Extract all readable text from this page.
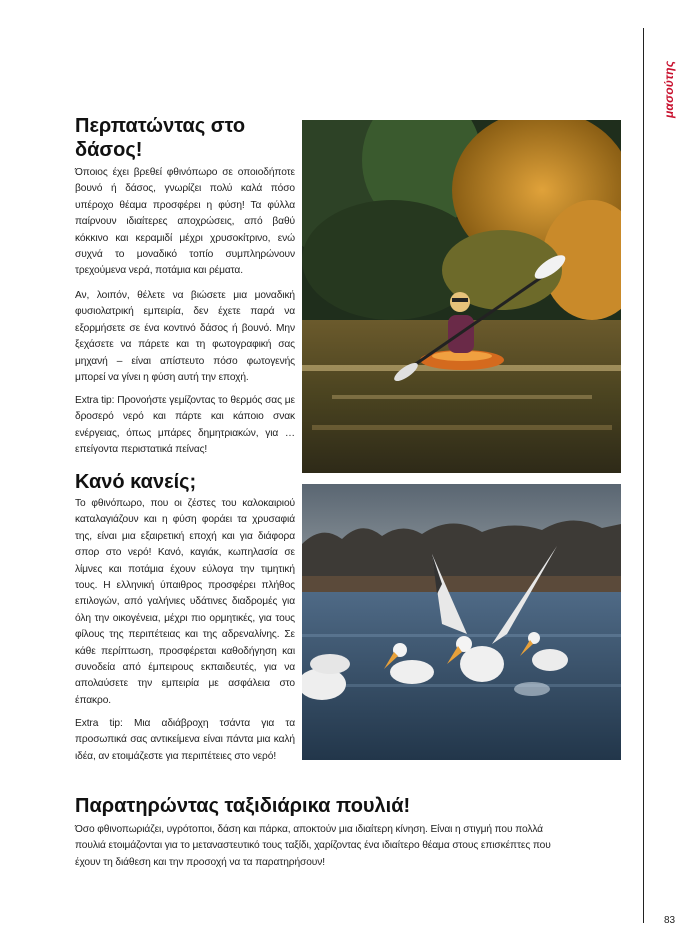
μασούτης
Περπατώντας στο δάσος!

Όποιος έχει βρεθεί φθινόπωρο σε οποιοδήποτε βουνό ή δάσος, γνωρίζει πολύ καλά πόσο υπέροχο θέαμα προσφέρει η φύση! Τα φύλλα παίρνουν ιδιαίτερες αποχρώσεις, από βαθύ κόκκινο και κεραμιδί μέχρι χρυσοκίτρινο, ενώ συχνά το μοναδικό τοπίο συμπληρώνουν τρεχούμενα νερά, ποτάμια και ρέματα.

Αν, λοιπόν, θέλετε να βιώσετε μια μοναδική φυσιολατρική εμπειρία, δεν έχετε παρά να εξορμήσετε σε ένα κοντινό δάσος ή βουνό. Μην ξεχάσετε να πάρετε και τη φωτογραφική σας μηχανή – είναι απίστευτο πόσο φωτογενής μπορεί να γίνει η φύση αυτή την εποχή.

Extra tip: Προνοήστε γεμίζοντας το θερμός σας με δροσερό νερό και πάρτε και κάποιο σνακ ενέργειας, όπως μπάρες δημητριακών, για …επείγοντα περιστατικά πείνας!

Κανό κανείς;

Το φθινόπωρο, που οι ζέστες του καλοκαιριού καταλαγιάζουν και η φύση φοράει τα χρυσαφιά της, είναι μια εξαιρετική εποχή και για διάφορα σπορ στο νερό! Κανό, καγιάκ, κωπηλασία σε λίμνες και ποτάμια έχουν εύλογα την τιμητική τους. Η ελληνική ύπαιθρος προσφέρει πλήθος επιλογών, από γαλήνιες υδάτινες διαδρομές για όλη την οικογένεια, μέχρι πιο ορμητικές, για τους φίλους της περιπέτειας και της αδρεναλίνης. Σε κάθε περίπτωση, προσφέρεται καθοδήγηση και συνοδεία από έμπειρους εκπαιδευτές, για να απολαύσετε την εμπειρία με ασφάλεια στο έπακρο.

Extra tip: Μια αδιάβροχη τσάντα για τα προσωπικά σας αντικείμενα είναι πάντα μια καλή ιδέα, αν ετοιμάζεστε για περιπέτειες στο νερό!

Παρατηρώντας ταξιδιάρικα πουλιά!

Όσο φθινοπωριάζει, υγρότοποι, δάση και πάρκα, αποκτούν μια ιδιαίτερη κίνηση. Είναι η στιγμή που πολλά πουλιά ετοιμάζονται για το μεταναστευτικό τους ταξίδι, χαρίζοντας ένα ιδιαίτερο θέαμα στους επισκέπτες που έχουν τη διάθεση και την προσοχή να τα παρατηρήσουν!

83
